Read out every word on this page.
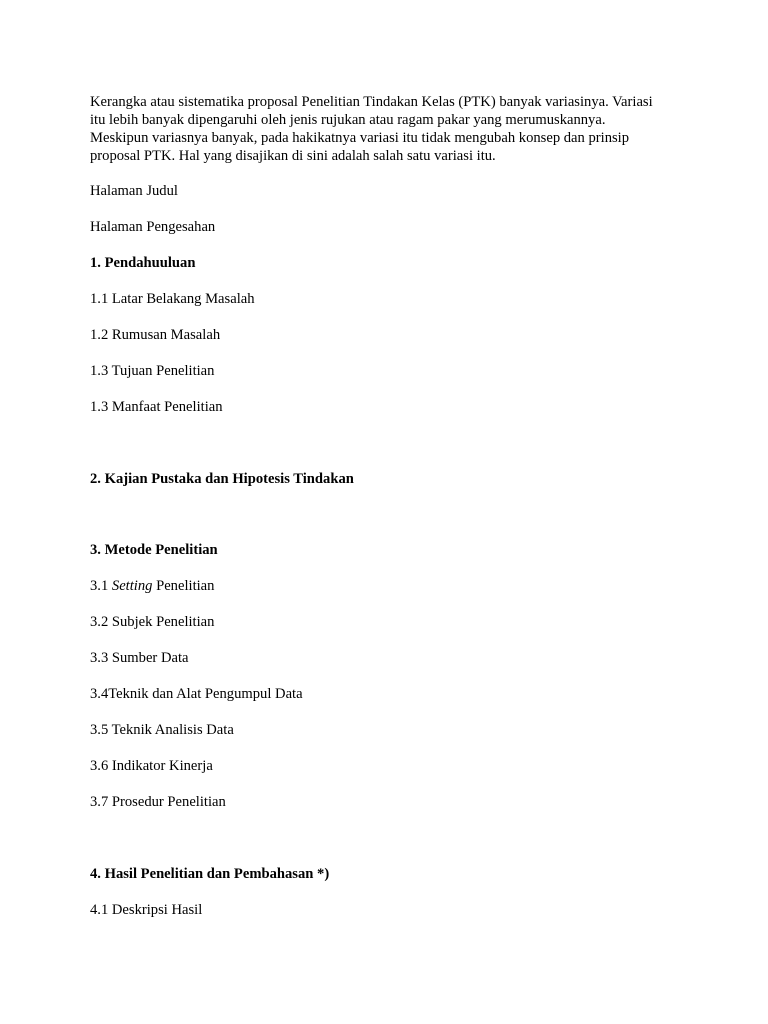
Kerangka atau sistematika proposal Penelitian Tindakan Kelas (PTK) banyak variasinya. Variasi
itu lebih banyak dipengaruhi oleh jenis rujukan atau ragam pakar yang merumuskannya.
Meskipun variasnya banyak, pada hakikatnya variasi itu tidak mengubah konsep dan prinsip
proposal PTK. Hal yang disajikan di sini adalah salah satu variasi itu.
Halaman Judul
Halaman Pengesahan
1. Pendahuuluan
1.1 Latar Belakang Masalah
1.2 Rumusan Masalah
1.3 Tujuan Penelitian
1.3 Manfaat Penelitian
2. Kajian Pustaka dan Hipotesis Tindakan
3. Metode Penelitian
3.1 Setting Penelitian
3.2 Subjek Penelitian
3.3 Sumber Data
3.4Teknik dan Alat Pengumpul Data
3.5 Teknik Analisis Data
3.6 Indikator Kinerja
3.7 Prosedur Penelitian
4. Hasil Penelitian dan Pembahasan *)
4.1 Deskripsi Hasil
